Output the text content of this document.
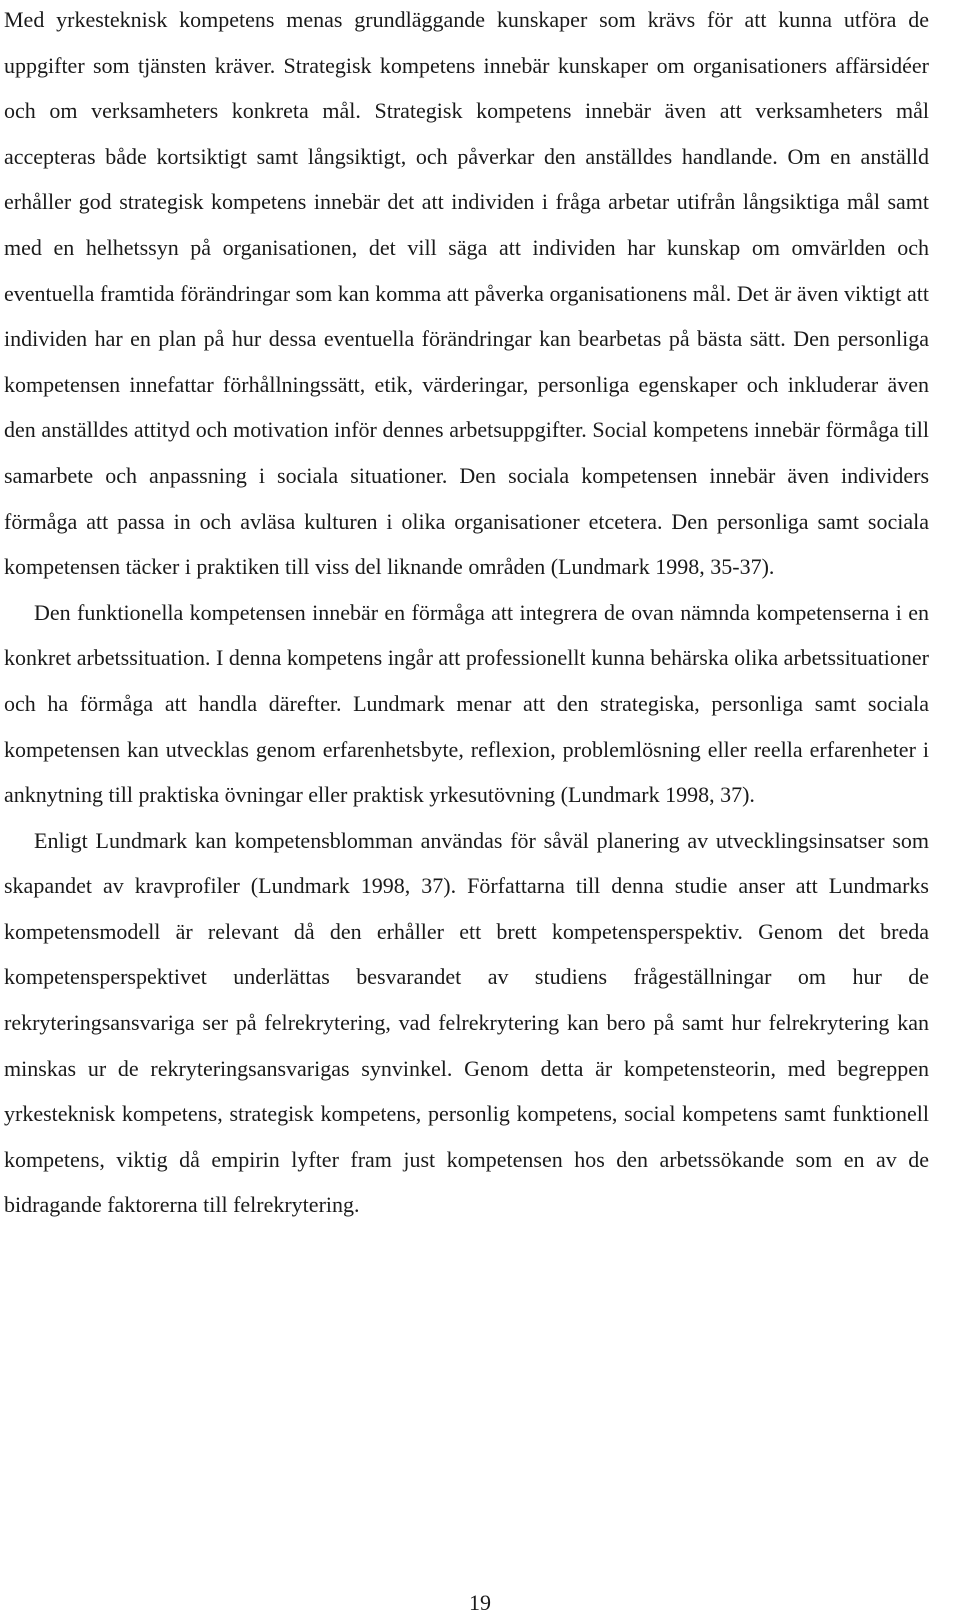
Med yrkesteknisk kompetens menas grundläggande kunskaper som krävs för att kunna utföra de uppgifter som tjänsten kräver. Strategisk kompetens innebär kunskaper om organisationers affärsidéer och om verksamheters konkreta mål. Strategisk kompetens innebär även att verksamheters mål accepteras både kortsiktigt samt långsiktigt, och påverkar den anställdes handlande. Om en anställd erhåller god strategisk kompetens innebär det att individen i fråga arbetar utifrån långsiktiga mål samt med en helhetssyn på organisationen, det vill säga att individen har kunskap om omvärlden och eventuella framtida förändringar som kan komma att påverka organisationens mål. Det är även viktigt att individen har en plan på hur dessa eventuella förändringar kan bearbetas på bästa sätt. Den personliga kompetensen innefattar förhållningssätt, etik, värderingar, personliga egenskaper och inkluderar även den anställdes attityd och motivation inför dennes arbetsuppgifter. Social kompetens innebär förmåga till samarbete och anpassning i sociala situationer. Den sociala kompetensen innebär även individers förmåga att passa in och avläsa kulturen i olika organisationer etcetera. Den personliga samt sociala kompetensen täcker i praktiken till viss del liknande områden (Lundmark 1998, 35-37).

Den funktionella kompetensen innebär en förmåga att integrera de ovan nämnda kompetenserna i en konkret arbetssituation. I denna kompetens ingår att professionellt kunna behärska olika arbetssituationer och ha förmåga att handla därefter. Lundmark menar att den strategiska, personliga samt sociala kompetensen kan utvecklas genom erfarenhetsbyte, reflexion, problemlösning eller reella erfarenheter i anknytning till praktiska övningar eller praktisk yrkesutövning (Lundmark 1998, 37).

Enligt Lundmark kan kompetensblomman användas för såväl planering av utvecklingsinsatser som skapandet av kravprofiler (Lundmark 1998, 37). Författarna till denna studie anser att Lundmarks kompetensmodell är relevant då den erhåller ett brett kompetensperspektiv. Genom det breda kompetensperspektivet underlättas besvarandet av studiens frågeställningar om hur de rekryteringsansvariga ser på felrekrytering, vad felrekrytering kan bero på samt hur felrekrytering kan minskas ur de rekryteringsansvarigas synvinkel. Genom detta är kompetensteorin, med begreppen yrkesteknisk kompetens, strategisk kompetens, personlig kompetens, social kompetens samt funktionell kompetens, viktig då empirin lyfter fram just kompetensen hos den arbetssökande som en av de bidragande faktorerna till felrekrytering.

19
